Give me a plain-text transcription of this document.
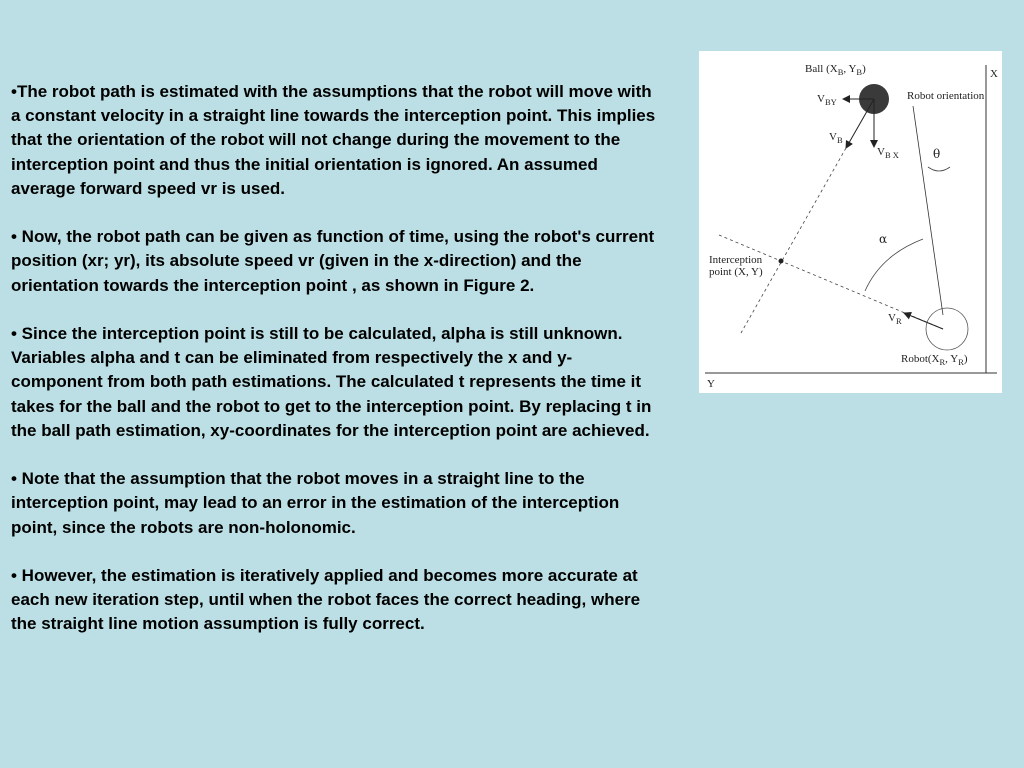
•The robot path is estimated with the assumptions that the robot will move with a constant velocity in a straight line towards the interception point. This implies that the orientation of the robot will not change during the movement to the interception point and thus the initial orientation is ignored. An assumed average forward speed vr is used.

• Now, the robot path can be given as function of time, using the robot's current position (xr; yr), its absolute speed vr (given in the x-direction) and the orientation towards the interception point , as shown in Figure 2.

• Since the interception point is still to be calculated, alpha is still unknown. Variables alpha and t can be eliminated from respectively the x and y-component from both path estimations. The calculated t represents the time it takes for the ball and the robot to get to the interception point. By replacing t in the ball path estimation, xy-coordinates for the interception point are achieved.

• Note that the assumption that the robot moves in a straight line to the interception point, may lead to an error in the estimation of the interception point, since the robots are non-holonomic.

• However, the estimation is iteratively applied and becomes more accurate at each new iteration step, until when the robot faces the correct heading, where the straight line motion assumption is fully correct.

X
Y
Ball ($X_B$, $Y_B$)
$V_{BY}$
$V_B$
$V_{B X}$
Robot orientation
Interception
point (X, Y)
θ
α
$V_R$
$Robot(X_R$, $Y_R$)
